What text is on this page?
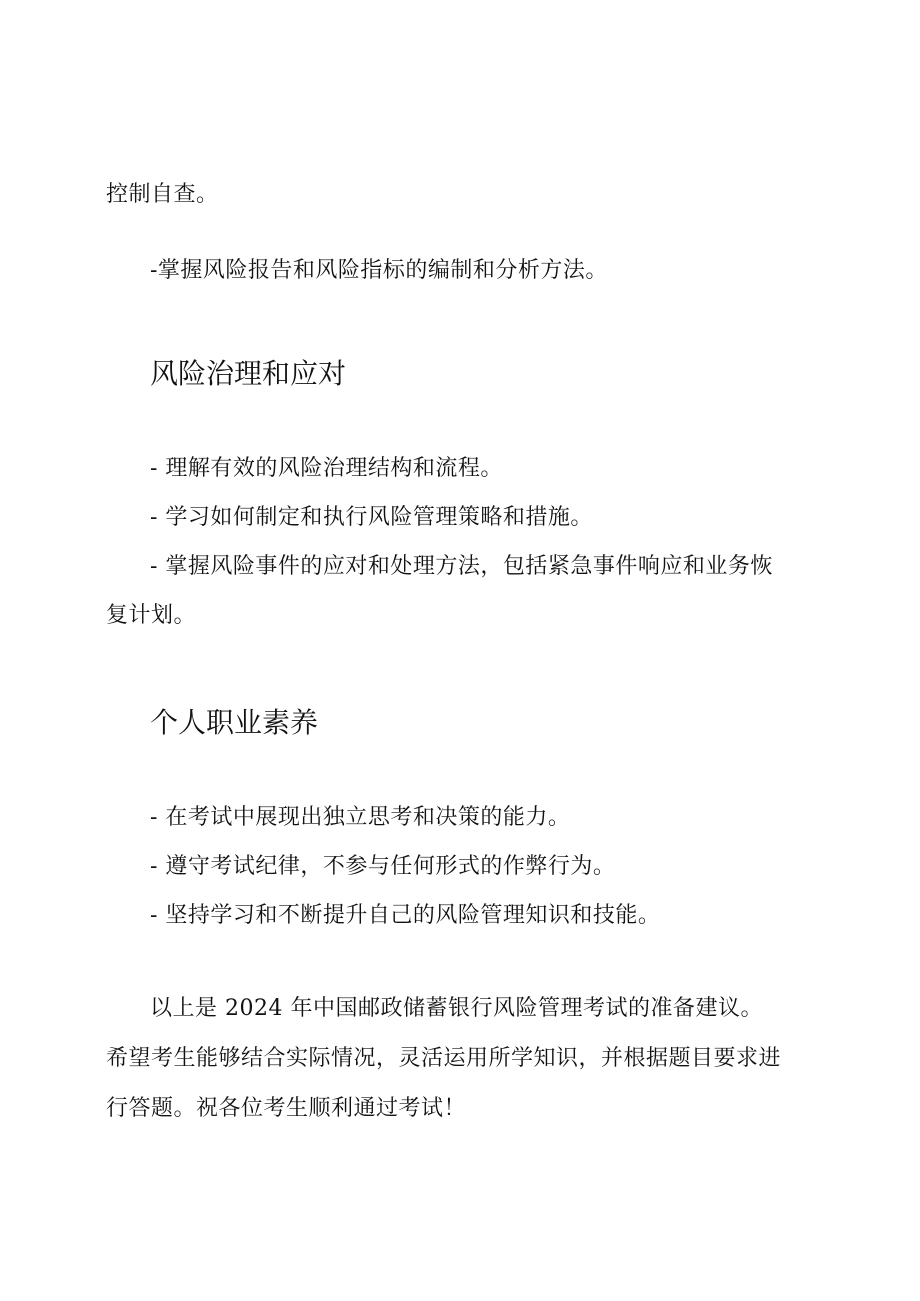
控制自查。
-掌握风险报告和风险指标的编制和分析方法。
风险治理和应对
- 理解有效的风险治理结构和流程。
- 学习如何制定和执行风险管理策略和措施。
- 掌握风险事件的应对和处理方法，包括紧急事件响应和业务恢
复计划。
个人职业素养
- 在考试中展现出独立思考和决策的能力。
- 遵守考试纪律，不参与任何形式的作弊行为。
- 坚持学习和不断提升自己的风险管理知识和技能。
以上是 2024 年中国邮政储蓄银行风险管理考试的准备建议。
希望考生能够结合实际情况，灵活运用所学知识，并根据题目要求进
行答题。祝各位考生顺利通过考试！
